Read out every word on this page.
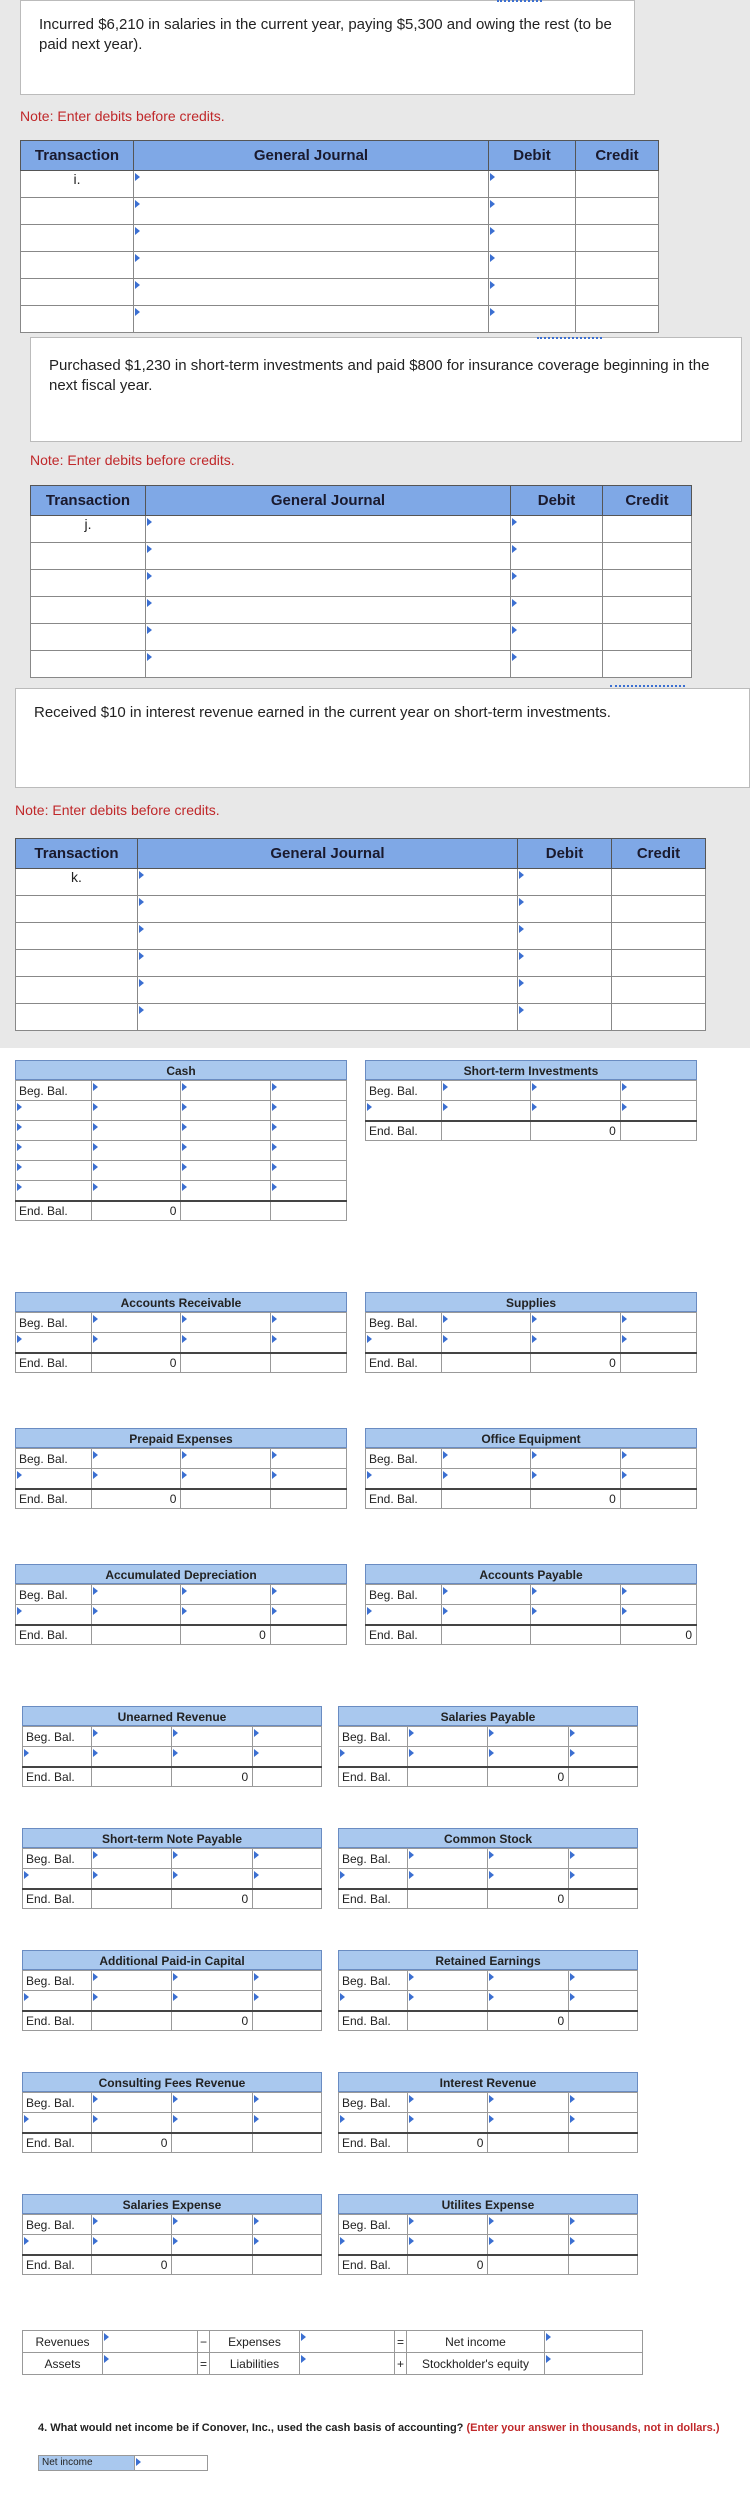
Incurred $6,210 in salaries in the current year, paying $5,300 and owing the rest (to be paid next year).
Note: Enter debits before credits.
Transaction	General Journal	Debit	Credit
i.			

Purchased $1,230 in short-term investments and paid $800 for insurance coverage beginning in the next fiscal year.
Note: Enter debits before credits.
Transaction	General Journal	Debit	Credit
j.			

Received $10 in interest revenue earned in the current year on short-term investments.
Note: Enter debits before credits.
Transaction	General Journal	Debit	Credit
k.			

Cash
Beg. Bal.			

End. Bal.	0		
Short-term Investments
Beg. Bal.			

End. Bal.		0	
Accounts Receivable
Beg. Bal.			

End. Bal.	0		
Supplies
Beg. Bal.			

End. Bal.		0	
Prepaid Expenses
Beg. Bal.			

End. Bal.	0		
Office Equipment
Beg. Bal.			

End. Bal.		0	
Accumulated Depreciation
Beg. Bal.			

End. Bal.		0	
Accounts Payable
Beg. Bal.			

End. Bal.			0
Unearned Revenue
Beg. Bal.			

End. Bal.		0	
Salaries Payable
Beg. Bal.			

End. Bal.		0	
Short-term Note Payable
Beg. Bal.			

End. Bal.		0	
Common Stock
Beg. Bal.			

End. Bal.		0	
Additional Paid-in Capital
Beg. Bal.			

End. Bal.		0	
Retained Earnings
Beg. Bal.			

End. Bal.		0	
Consulting Fees Revenue
Beg. Bal.			

End. Bal.	0		
Interest Revenue
Beg. Bal.			

End. Bal.	0		
Salaries Expense
Beg. Bal.			

End. Bal.	0		
Utilites Expense
Beg. Bal.			

End. Bal.	0		
Revenues		−	Expenses		=	Net income	
Assets		=	Liabilities		+	Stockholder's equity	
4. What would net income be if Conover, Inc., used the cash basis of accounting? (Enter your answer in thousands, not in dollars.)
Net income
